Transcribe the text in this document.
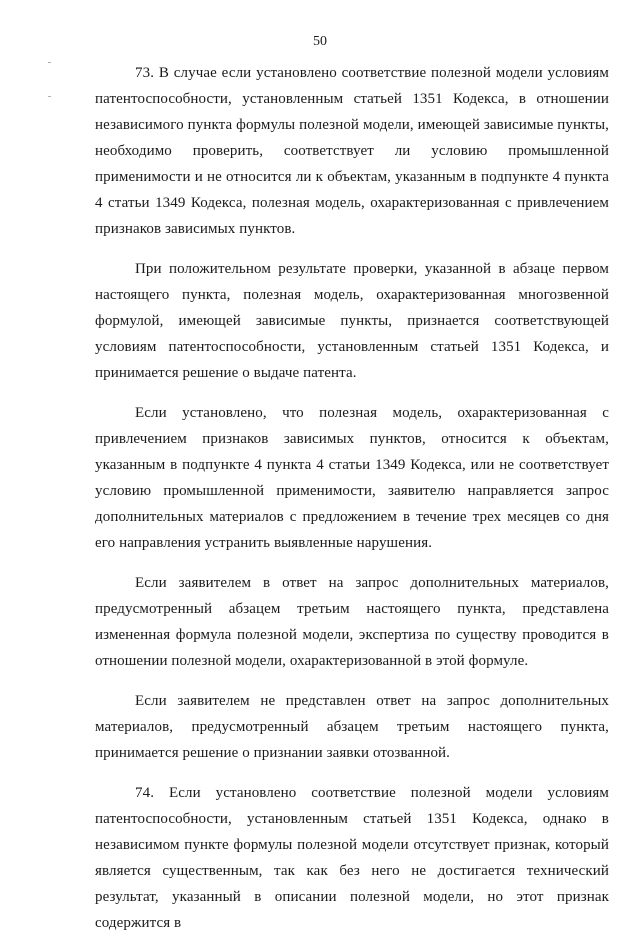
50

73. В случае если установлено соответствие полезной модели условиям патентоспособности, установленным статьей 1351 Кодекса, в отношении независимого пункта формулы полезной модели, имеющей зависимые пункты, необходимо проверить, соответствует ли условию промышленной применимости и не относится ли к объектам, указанным в подпункте 4 пункта 4 статьи 1349 Кодекса, полезная модель, охарактеризованная с привлечением признаков зависимых пунктов.

При положительном результате проверки, указанной в абзаце первом настоящего пункта, полезная модель, охарактеризованная многозвенной формулой, имеющей зависимые пункты, признается соответствующей условиям патентоспособности, установленным статьей 1351 Кодекса, и принимается решение о выдаче патента.

Если установлено, что полезная модель, охарактеризованная с привлечением признаков зависимых пунктов, относится к объектам, указанным в подпункте 4 пункта 4 статьи 1349 Кодекса, или не соответствует условию промышленной применимости, заявителю направляется запрос дополнительных материалов с предложением в течение трех месяцев со дня его направления устранить выявленные нарушения.

Если заявителем в ответ на запрос дополнительных материалов, предусмотренный абзацем третьим настоящего пункта, представлена измененная формула полезной модели, экспертиза по существу проводится в отношении полезной модели, охарактеризованной в этой формуле.

Если заявителем не представлен ответ на запрос дополнительных материалов, предусмотренный абзацем третьим настоящего пункта, принимается решение о признании заявки отозванной.

74. Если установлено соответствие полезной модели условиям патентоспособности, установленным статьей 1351 Кодекса, однако в независимом пункте формулы полезной модели отсутствует признак, который является существенным, так как без него не достигается технический результат, указанный в описании полезной модели, но этот признак содержится в
